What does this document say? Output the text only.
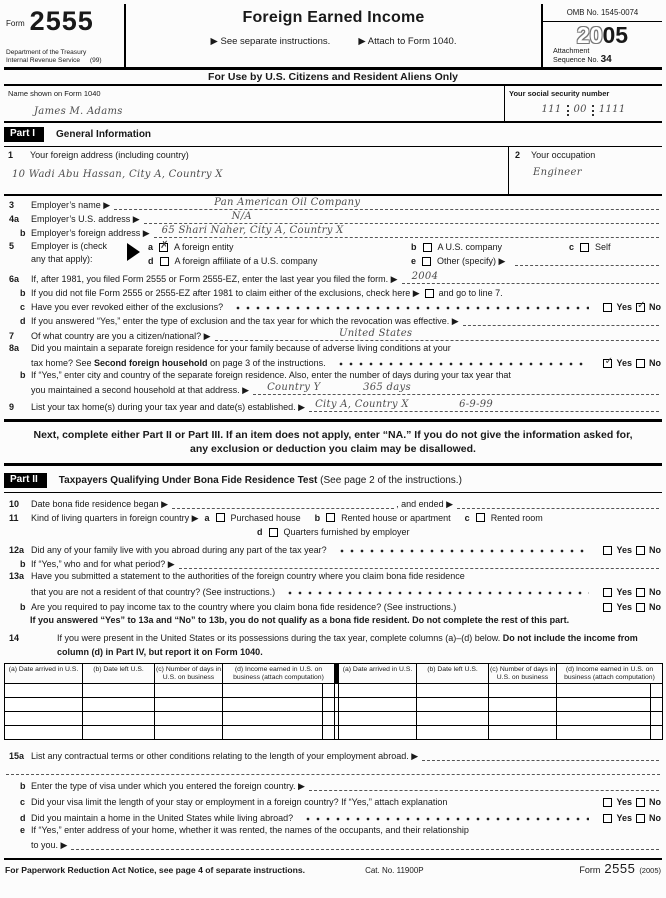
Form 2555
Department of the Treasury
Internal Revenue Service (99)
Foreign Earned Income
▶ See separate instructions.	▶ Attach to Form 1040.
OMB No. 1545-0074
2005
Attachment
Sequence No. 34
For Use by U.S. Citizens and Resident Aliens Only
Name shown on Form 1040
James M. Adams
Your social security number
111 00 1111
Part I	General Information
1	Your foreign address (including country)
10 Wadi Abu Hassan, City A, Country X
2	Your occupation
Engineer
3	Employer’s name ▶	Pan American Oil Company
4a	Employer’s U.S. address ▶	N/A
b Employer’s foreign address ▶ 65 Shari Naher, City A, Country X
5	Employer is (check
any that apply):
a ✗ A foreign entity	b A U.S. company	c Self
d A foreign affiliate of a U.S. company	e Other (specify) ▶
6a	If, after 1981, you filed Form 2555 or Form 2555-EZ, enter the last year you filed the form. ▶ 2004
b If you did not file Form 2555 or 2555-EZ after 1981 to claim either of the exclusions, check here ▶ and go to line 7.
c Have you ever revoked either of the exclusions?	Yes ✓ No
d If you answered “Yes,” enter the type of exclusion and the tax year for which the revocation was effective. ▶
7	Of what country are you a citizen/national? ▶	United States
8a	Did you maintain a separate foreign residence for your family because of adverse living conditions at your
tax home? See Second foreign household on page 3 of the instructions.	✓ Yes No
b If “Yes,” enter city and country of the separate foreign residence. Also, enter the number of days during your tax year that
you maintained a second household at that address. ▶ Country Y	365 days
9	List your tax home(s) during your tax year and date(s) established. ▶ City A, Country X	6-9-99
Next, complete either Part II or Part III. If an item does not apply, enter “NA.” If you do not give the information asked for, any exclusion or deduction you claim may be disallowed.
Part II	Taxpayers Qualifying Under Bona Fide Residence Test (See page 2 of the instructions.)
10	Date bona fide residence began ▶	, and ended ▶
11	Kind of living quarters in foreign country ▶ a Purchased house b Rented house or apartment c Rented room
d Quarters furnished by employer
12a Did any of your family live with you abroad during any part of the tax year?	Yes No
b If “Yes,” who and for what period? ▶
13a Have you submitted a statement to the authorities of the foreign country where you claim bona fide residence
that you are not a resident of that country? (See instructions.)	Yes No
b Are you required to pay income tax to the country where you claim bona fide residence? (See instructions.)	Yes No
If you answered “Yes” to 13a and “No” to 13b, you do not qualify as a bona fide resident. Do not complete the rest of this part.
14	If you were present in the United States or its possessions during the tax year, complete columns (a)–(d) below. Do not include the income from column (d) in Part IV, but report it on Form 1040.
(a) Date arrived in U.S.	(b) Date left U.S.	(c) Number of days in U.S. on business	(d) Income earned in U.S. on business (attach computation)			(a) Date arrived in U.S.	(b) Date left U.S.	(c) Number of days in U.S. on business	(d) Income earned in U.S. on business (attach computation)	

15a List any contractual terms or other conditions relating to the length of your employment abroad. ▶
b Enter the type of visa under which you entered the foreign country. ▶
c Did your visa limit the length of your stay or employment in a foreign country? If “Yes,” attach explanation	Yes No
d Did you maintain a home in the United States while living abroad?	Yes No
e If “Yes,” enter address of your home, whether it was rented, the names of the occupants, and their relationship
to you. ▶
For Paperwork Reduction Act Notice, see page 4 of separate instructions.	Cat. No. 11900P	Form 2555 (2005)
